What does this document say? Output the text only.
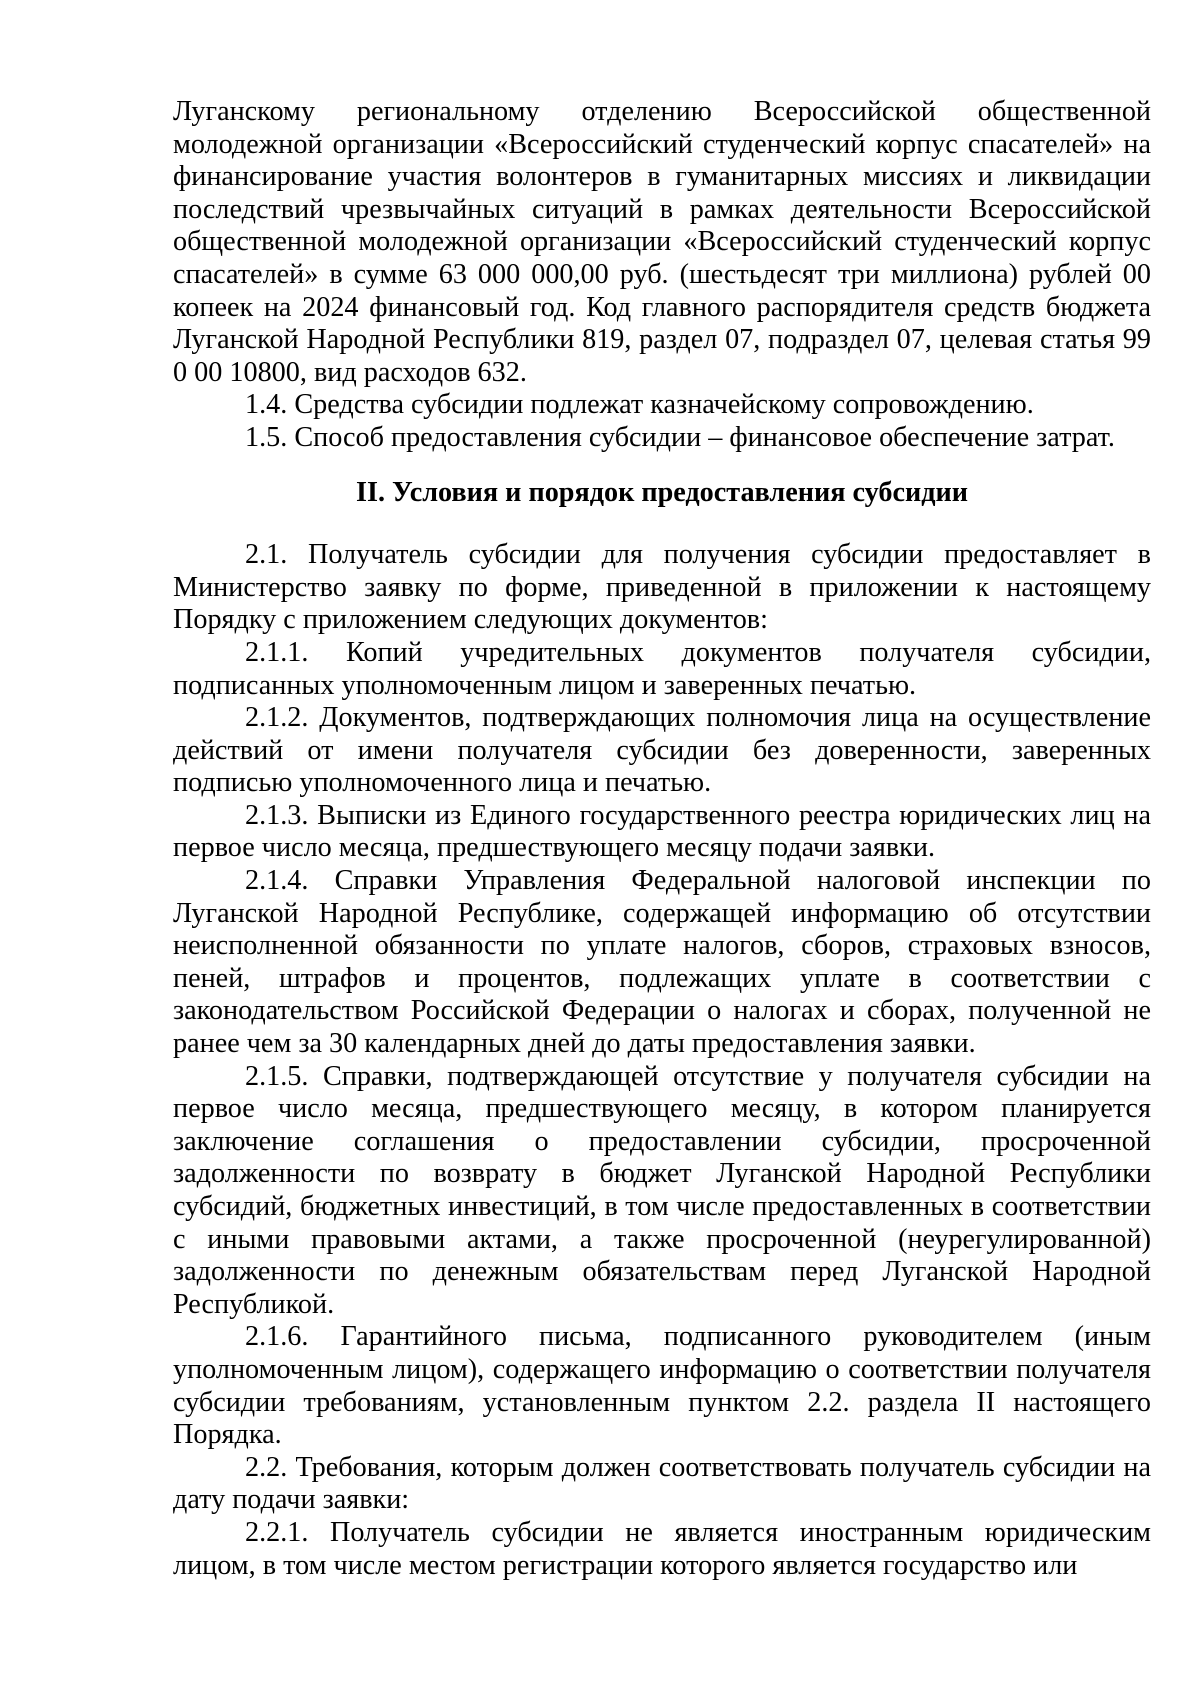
Луганскому региональному отделению Всероссийской общественной молодежной организации «Всероссийский студенческий корпус спасателей» на финансирование участия волонтеров в гуманитарных миссиях и ликвидации последствий чрезвычайных ситуаций в рамках деятельности Всероссийской общественной молодежной организации «Всероссийский студенческий корпус спасателей» в сумме 63 000 000,00 руб. (шестьдесят три миллиона) рублей 00 копеек на 2024 финансовый год. Код главного распорядителя средств бюджета Луганской Народной Республики 819, раздел 07, подраздел 07, целевая статья 99 0 00 10800, вид расходов 632.

1.4. Средства субсидии подлежат казначейскому сопровождению.

1.5. Способ предоставления субсидии – финансовое обеспечение затрат.

II. Условия и порядок предоставления субсидии

2.1. Получатель субсидии для получения субсидии предоставляет в Министерство заявку по форме, приведенной в приложении к настоящему Порядку с приложением следующих документов:

2.1.1. Копий учредительных документов получателя субсидии, подписанных уполномоченным лицом и заверенных печатью.

2.1.2. Документов, подтверждающих полномочия лица на осуществление действий от имени получателя субсидии без доверенности, заверенных подписью уполномоченного лица и печатью.

2.1.3. Выписки из Единого государственного реестра юридических лиц на первое число месяца, предшествующего месяцу подачи заявки.

2.1.4. Справки Управления Федеральной налоговой инспекции по Луганской Народной Республике, содержащей информацию об отсутствии неисполненной обязанности по уплате налогов, сборов, страховых взносов, пеней, штрафов и процентов, подлежащих уплате в соответствии с законодательством Российской Федерации о налогах и сборах, полученной не ранее чем за 30 календарных дней до даты предоставления заявки.

2.1.5. Справки, подтверждающей отсутствие у получателя субсидии на первое число месяца, предшествующего месяцу, в котором планируется заключение соглашения о предоставлении субсидии, просроченной задолженности по возврату в бюджет Луганской Народной Республики субсидий, бюджетных инвестиций, в том числе предоставленных в соответствии с иными правовыми актами, а также просроченной (неурегулированной) задолженности по денежным обязательствам перед Луганской Народной Республикой.

2.1.6. Гарантийного письма, подписанного руководителем (иным уполномоченным лицом), содержащего информацию о соответствии получателя субсидии требованиям, установленным пунктом 2.2. раздела II настоящего Порядка.

2.2. Требования, которым должен соответствовать получатель субсидии на дату подачи заявки:

2.2.1. Получатель субсидии не является иностранным юридическим лицом, в том числе местом регистрации которого является государство или
